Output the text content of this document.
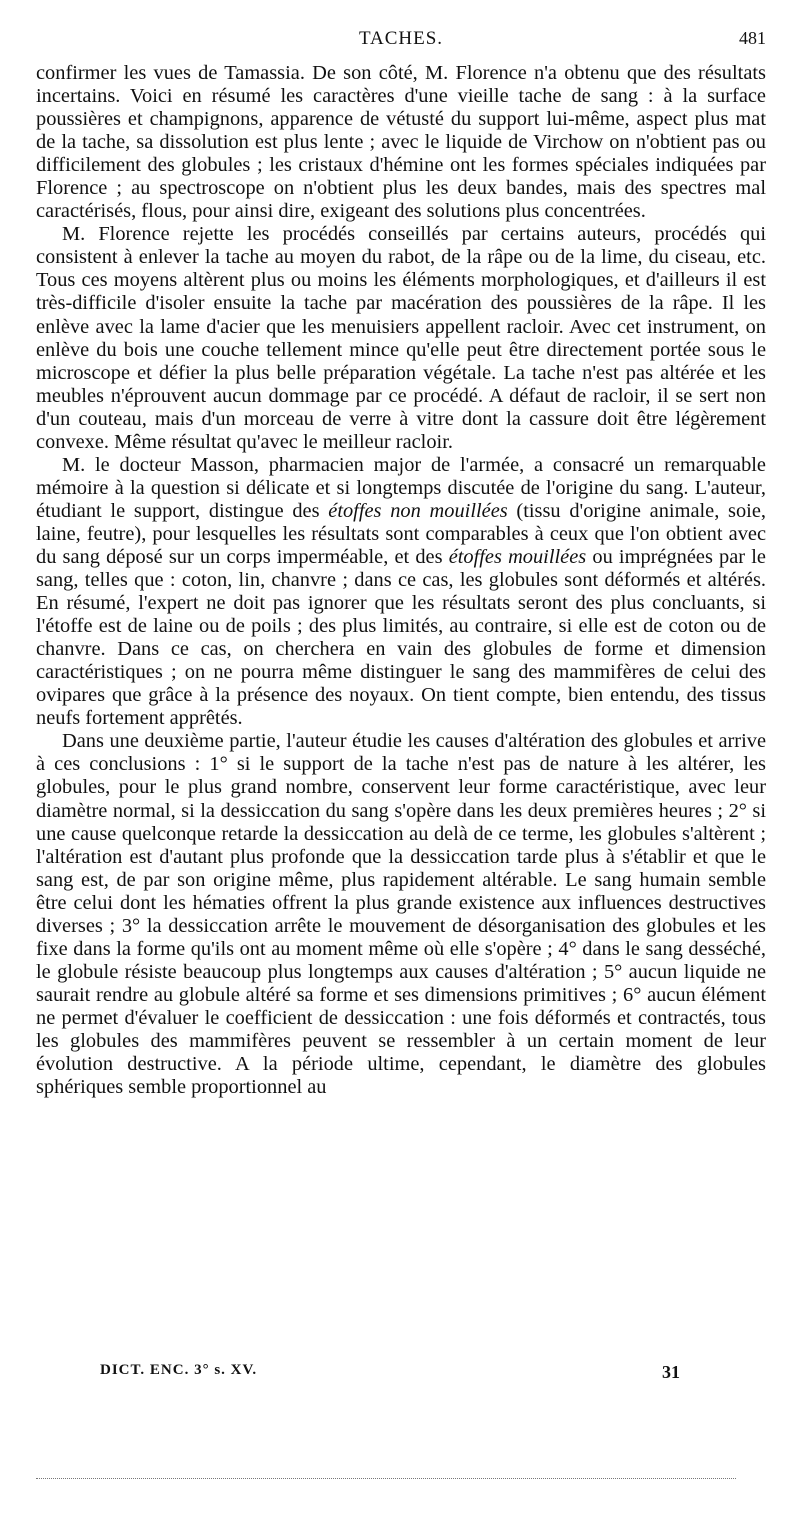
TACHES.	481

confirmer les vues de Tamassia. De son côté, M. Florence n'a obtenu que des résultats incertains. Voici en résumé les caractères d'une vieille tache de sang : à la surface poussières et champignons, apparence de vétusté du support lui-même, aspect plus mat de la tache, sa dissolution est plus lente ; avec le liquide de Virchow on n'obtient pas ou difficilement des globules ; les cristaux d'hémine ont les formes spéciales indiquées par Florence ; au spectroscope on n'obtient plus les deux bandes, mais des spectres mal caractérisés, flous, pour ainsi dire, exigeant des solutions plus concentrées.

M. Florence rejette les procédés conseillés par certains auteurs, procédés qui consistent à enlever la tache au moyen du rabot, de la râpe ou de la lime, du ciseau, etc. Tous ces moyens altèrent plus ou moins les éléments morphologiques, et d'ailleurs il est très-difficile d'isoler ensuite la tache par macération des poussières de la râpe. Il les enlève avec la lame d'acier que les menuisiers appellent racloir. Avec cet instrument, on enlève du bois une couche tellement mince qu'elle peut être directement portée sous le microscope et défier la plus belle préparation végétale. La tache n'est pas altérée et les meubles n'éprouvent aucun dommage par ce procédé. A défaut de racloir, il se sert non d'un couteau, mais d'un morceau de verre à vitre dont la cassure doit être légèrement convexe. Même résultat qu'avec le meilleur racloir.

M. le docteur Masson, pharmacien major de l'armée, a consacré un remarquable mémoire à la question si délicate et si longtemps discutée de l'origine du sang. L'auteur, étudiant le support, distingue des étoffes non mouillées (tissu d'origine animale, soie, laine, feutre), pour lesquelles les résultats sont comparables à ceux que l'on obtient avec du sang déposé sur un corps imperméable, et des étoffes mouillées ou imprégnées par le sang, telles que : coton, lin, chanvre ; dans ce cas, les globules sont déformés et altérés. En résumé, l'expert ne doit pas ignorer que les résultats seront des plus concluants, si l'étoffe est de laine ou de poils ; des plus limités, au contraire, si elle est de coton ou de chanvre. Dans ce cas, on cherchera en vain des globules de forme et dimension caractéristiques ; on ne pourra même distinguer le sang des mammifères de celui des ovipares que grâce à la présence des noyaux. On tient compte, bien entendu, des tissus neufs fortement apprêtés.

Dans une deuxième partie, l'auteur étudie les causes d'altération des globules et arrive à ces conclusions : 1° si le support de la tache n'est pas de nature à les altérer, les globules, pour le plus grand nombre, conservent leur forme caractéristique, avec leur diamètre normal, si la dessiccation du sang s'opère dans les deux premières heures ; 2° si une cause quelconque retarde la dessiccation au delà de ce terme, les globules s'altèrent ; l'altération est d'autant plus profonde que la dessiccation tarde plus à s'établir et que le sang est, de par son origine même, plus rapidement altérable. Le sang humain semble être celui dont les hématies offrent la plus grande existence aux influences destructives diverses ; 3° la dessiccation arrête le mouvement de désorganisation des globules et les fixe dans la forme qu'ils ont au moment même où elle s'opère ; 4° dans le sang desséché, le globule résiste beaucoup plus longtemps aux causes d'altération ; 5° aucun liquide ne saurait rendre au globule altéré sa forme et ses dimensions primitives ; 6° aucun élément ne permet d'évaluer le coefficient de dessiccation : une fois déformés et contractés, tous les globules des mammifères peuvent se ressembler à un certain moment de leur évolution destructive. A la période ultime, cependant, le diamètre des globules sphériques semble proportionnel au

DICT. ENC. 3° s. XV.	31
